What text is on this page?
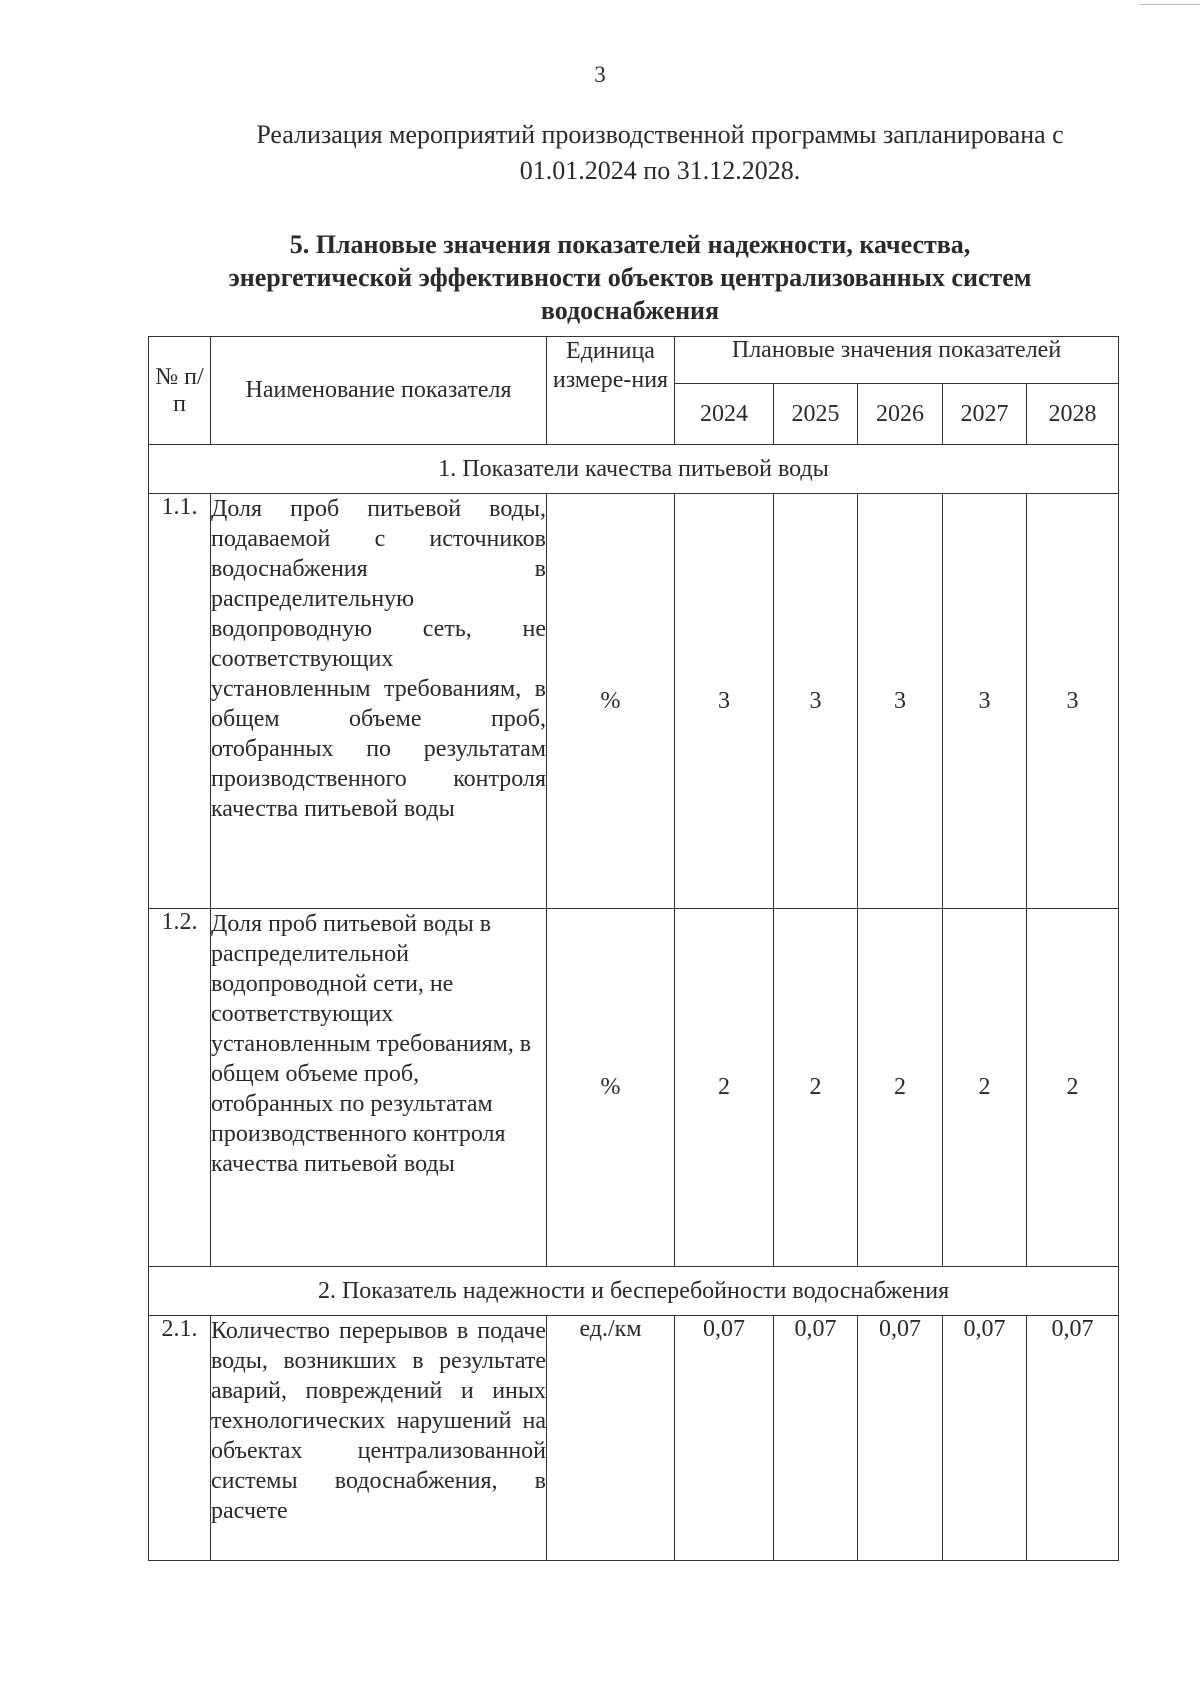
3
Реализация мероприятий производственной программы запланирована с 01.01.2024 по 31.12.2028.
5. Плановые значения показателей надежности, качества, энергетической эффективности объектов централизованных систем водоснабжения
№ п/п	Наименование показателя	Единица измере-ния	Плановые значения показателей				
			2024	2025	2026	2027	2028
1. Показатели качества питьевой воды							
1.1.	Доля проб питьевой воды, подаваемой с источников водоснабжения в распределительную водопроводную сеть, не соответствующих установленным требованиям, в общем объеме проб, отобранных по результатам производственного контроля качества питьевой воды	%	3	3	3	3	3
1.2.	Доля проб питьевой воды в распределительной водопроводной сети, не соответствующих установленным требованиям, в общем объеме проб, отобранных по результатам производственного контроля качества питьевой воды	%	2	2	2	2	2
2. Показатель надежности и бесперебойности водоснабжения							
2.1.	Количество перерывов в подаче воды, возникших в результате аварий, повреждений и иных технологических нарушений на объектах централизованной системы водоснабжения, в расчете	ед./км	0,07	0,07	0,07	0,07	0,07
